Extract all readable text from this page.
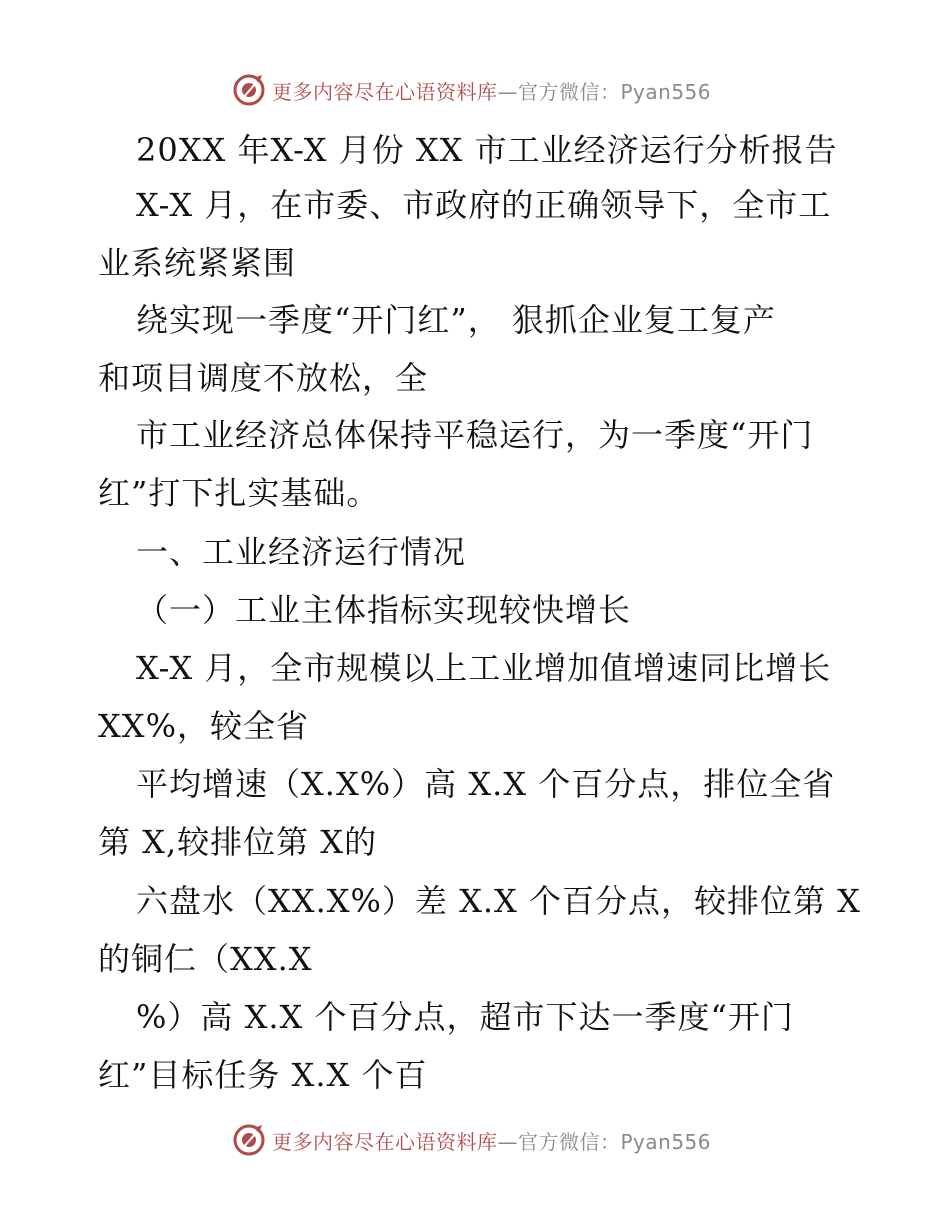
更多内容尽在心语资料库—官方微信：Pyan556
20XX 年X-X 月份 XX 市工业经济运行分析报告
X-X 月，在市委、市政府的正确领导下，全市工
业系统紧紧围
绕实现一季度“开门红”， 狠抓企业复工复产
和项目调度不放松，全
市工业经济总体保持平稳运行，为一季度“开门
红”打下扎实基础。
一、工业经济运行情况
（一）工业主体指标实现较快增长
X-X 月，全市规模以上工业增加值增速同比增长
XX%，较全省
平均增速（X.X%）高 X.X 个百分点，排位全省
第 X,较排位第 X的
六盘水（XX.X%）差 X.X 个百分点，较排位第 X
的铜仁（XX.X
%）高 X.X 个百分点，超市下达一季度“开门
红”目标任务 X.X 个百
更多内容尽在心语资料库—官方微信：Pyan556
